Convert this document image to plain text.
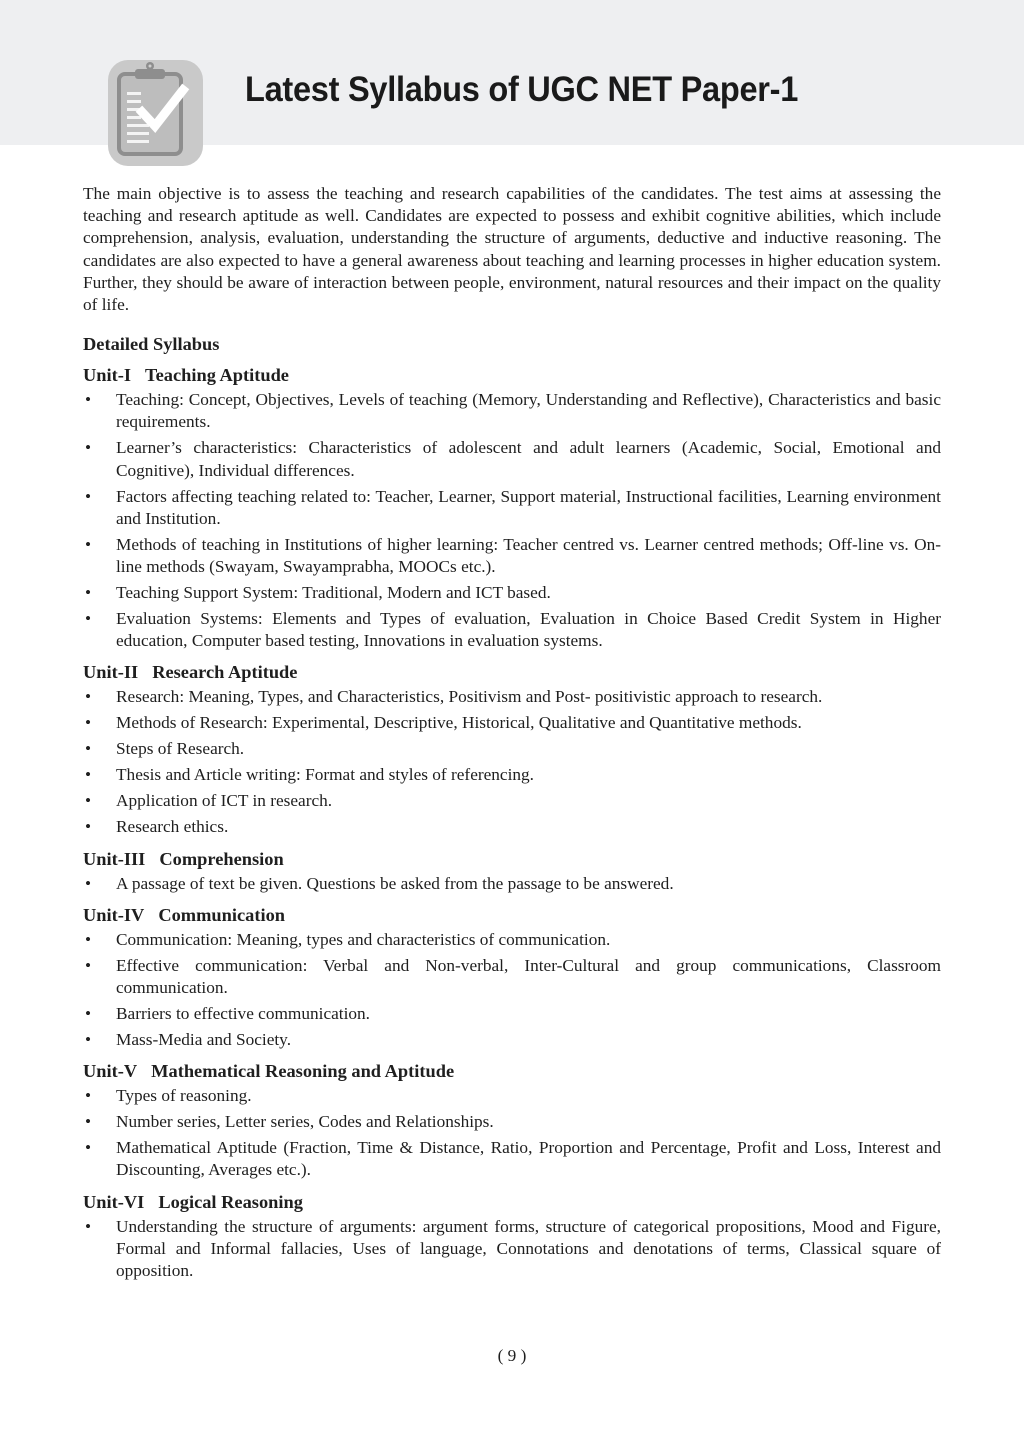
Latest Syllabus of UGC NET Paper-1

The main objective is to assess the teaching and research capabilities of the candidates. The test aims at assessing the teaching and research aptitude as well. Candidates are expected to possess and exhibit cognitive abilities, which include comprehension, analysis, evaluation, understanding the structure of arguments, deductive and inductive reasoning. The candidates are also expected to have a general awareness about teaching and learning processes in higher education system. Further, they should be aware of interaction between people, environment, natural resources and their impact on the quality of life.

Detailed Syllabus
Unit-I Teaching Aptitude
• Teaching: Concept, Objectives, Levels of teaching (Memory, Understanding and Reflective), Characteristics and basic requirements.
• Learner’s characteristics: Characteristics of adolescent and adult learners (Academic, Social, Emotional and Cognitive), Individual differences.
• Factors affecting teaching related to: Teacher, Learner, Support material, Instructional facilities, Learning environment and Institution.
• Methods of teaching in Institutions of higher learning: Teacher centred vs. Learner centred methods; Off-line vs. On-line methods (Swayam, Swayamprabha, MOOCs etc.).
• Teaching Support System: Traditional, Modern and ICT based.
• Evaluation Systems: Elements and Types of evaluation, Evaluation in Choice Based Credit System in Higher education, Computer based testing, Innovations in evaluation systems.
Unit-II Research Aptitude
• Research: Meaning, Types, and Characteristics, Positivism and Post- positivistic approach to research.
• Methods of Research: Experimental, Descriptive, Historical, Qualitative and Quantitative methods.
• Steps of Research.
• Thesis and Article writing: Format and styles of referencing.
• Application of ICT in research.
• Research ethics.
Unit-III Comprehension
• A passage of text be given. Questions be asked from the passage to be answered.
Unit-IV Communication
• Communication: Meaning, types and characteristics of communication.
• Effective communication: Verbal and Non-verbal, Inter-Cultural and group communications, Classroom communication.
• Barriers to effective communication.
• Mass-Media and Society.
Unit-V Mathematical Reasoning and Aptitude
• Types of reasoning.
• Number series, Letter series, Codes and Relationships.
• Mathematical Aptitude (Fraction, Time & Distance, Ratio, Proportion and Percentage, Profit and Loss, Interest and Discounting, Averages etc.).
Unit-VI Logical Reasoning
• Understanding the structure of arguments: argument forms, structure of categorical propositions, Mood and Figure, Formal and Informal fallacies, Uses of language, Connotations and denotations of terms, Classical square of opposition.
( 9 )
